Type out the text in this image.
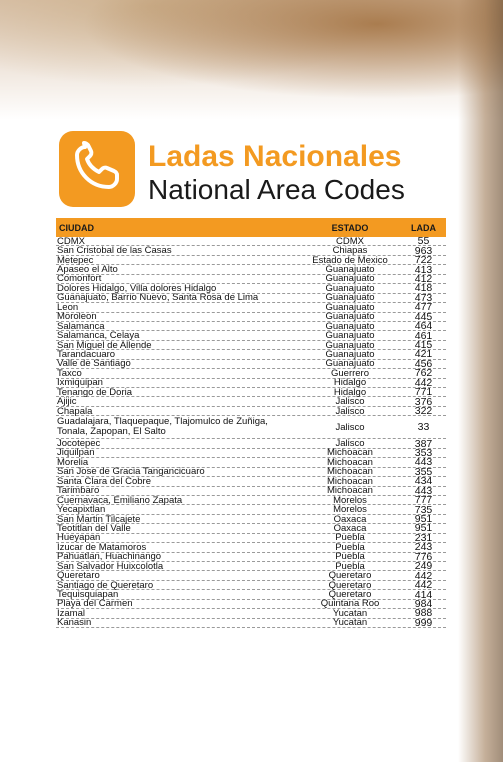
Ladas Nacionales
National Area Codes
CIUDAD	ESTADO	LADA
CDMX	CDMX	55
San Cristobal de las Casas	Chiapas	963
Metepec	Estado de Mexico	722
Apaseo el Alto	Guanajuato	413
Comonfort	Guanajuato	412
Dolores Hidalgo, Villa dolores Hidalgo	Guanajuato	418
Guanajuato, Barrio Nuevo, Santa Rosa de Lima	Guanajuato	473
Leon	Guanajuato	477
Moroleon	Guanajuato	445
Salamanca	Guanajuato	464
Salamanca, Celaya	Guanajuato	461
San Miguel de Allende	Guanajuato	415
Tarandacuaro	Guanajuato	421
Valle de Santiago	Guanajuato	456
Taxco	Guerrero	762
Ixmiquipan	Hidalgo	442
Tenango de Doria	Hidalgo	771
Ajijic	Jalisco	376
Chapala	Jalisco	322
Guadalajara, Tlaquepaque, Tlajomulco de Zuñiga, Tonala, Zapopan, El Salto	Jalisco	33
Jocotepec	Jalisco	387
Jiquilpan	Michoacan	353
Morelia	Michoacan	443
San Jose de Gracia Tangancicuaro	Michoacan	355
Santa Clara del Cobre	Michoacan	434
Tarimbaro	Michoacan	443
Cuernavaca, Emiliano Zapata	Morelos	777
Yecapixtlan	Morelos	735
San Martin Tilcajete	Oaxaca	951
Teotitlan del Valle	Oaxaca	951
Hueyapan	Puebla	231
Izucar de Matamoros	Puebla	243
Pahuatlan, Huachinango	Puebla	776
San Salvador Huixcolotla	Puebla	249
Queretaro	Queretaro	442
Santiago de Queretaro	Queretaro	442
Tequisquiapan	Queretaro	414
Playa del Carmen	Quintana Roo	984
Izamal	Yucatan	988
Kanasin	Yucatan	999
